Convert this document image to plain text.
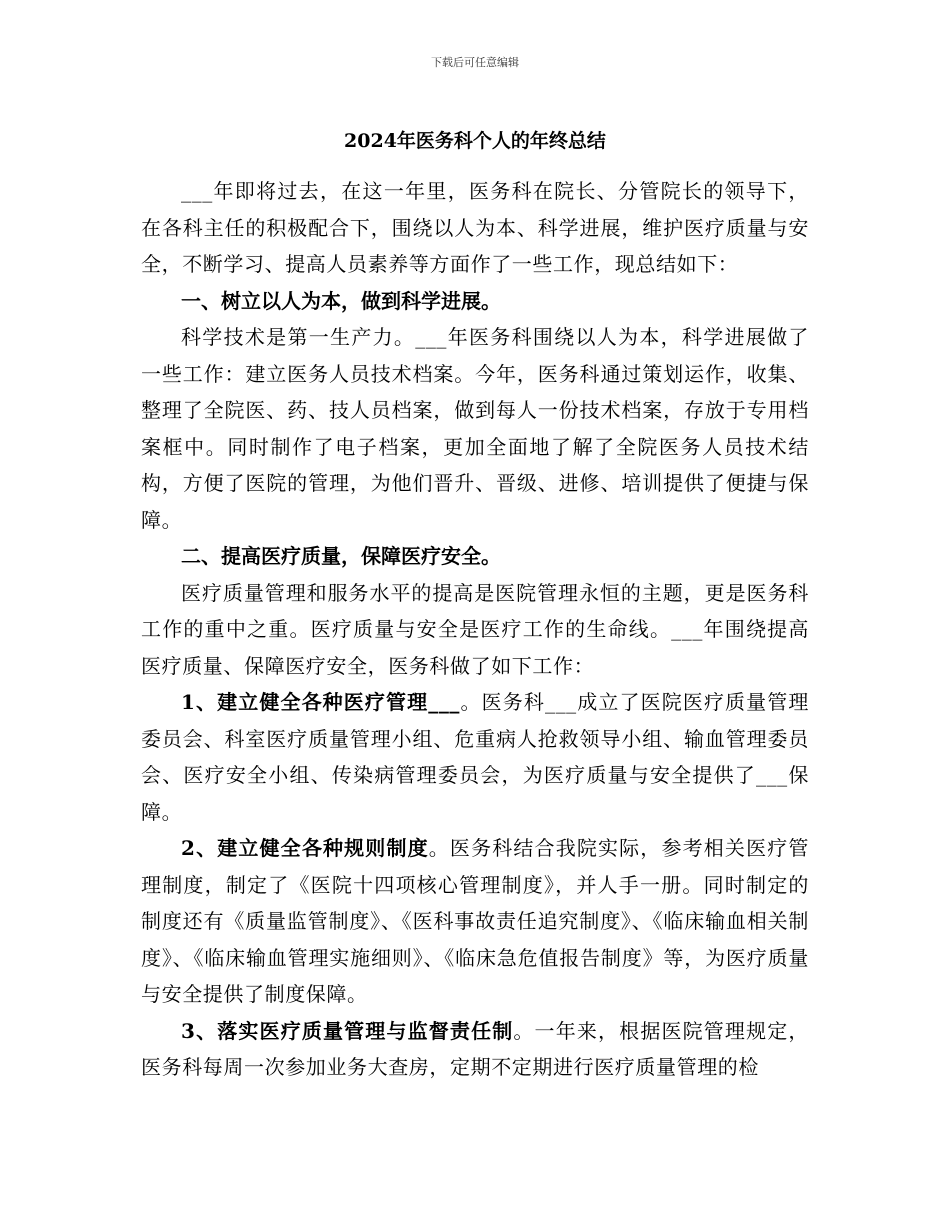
下载后可任意编辑
2024年医务科个人的年终总结

___年即将过去，在这一年里，医务科在院长、分管院长的领导下，在各科主任的积极配合下，围绕以人为本、科学进展，维护医疗质量与安全，不断学习、提高人员素养等方面作了一些工作，现总结如下：

一、树立以人为本，做到科学进展。

科学技术是第一生产力。___年医务科围绕以人为本，科学进展做了一些工作：建立医务人员技术档案。今年，医务科通过策划运作，收集、整理了全院医、药、技人员档案，做到每人一份技术档案，存放于专用档案框中。同时制作了电子档案，更加全面地了解了全院医务人员技术结构，方便了医院的管理，为他们晋升、晋级、进修、培训提供了便捷与保障。

二、提高医疗质量，保障医疗安全。

医疗质量管理和服务水平的提高是医院管理永恒的主题，更是医务科工作的重中之重。医疗质量与安全是医疗工作的生命线。___年围绕提高医疗质量、保障医疗安全，医务科做了如下工作：

1、建立健全各种医疗管理___。医务科___成立了医院医疗质量管理委员会、科室医疗质量管理小组、危重病人抢救领导小组、输血管理委员会、医疗安全小组、传染病管理委员会，为医疗质量与安全提供了___保障。

2、建立健全各种规则制度。医务科结合我院实际，参考相关医疗管理制度，制定了《医院十四项核心管理制度》，并人手一册。同时制定的制度还有《质量监管制度》、《医科事故责任追究制度》、《临床输血相关制度》、《临床输血管理实施细则》、《临床急危值报告制度》等，为医疗质量与安全提供了制度保障。

3、落实医疗质量管理与监督责任制。一年来，根据医院管理规定，医务科每周一次参加业务大查房，定期不定期进行医疗质量管理的检
